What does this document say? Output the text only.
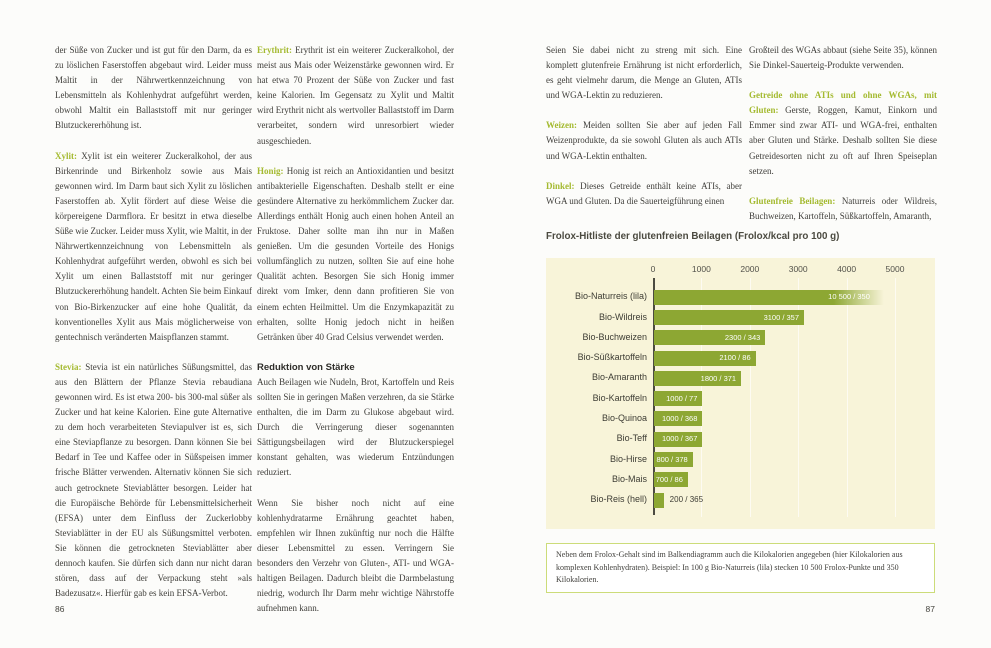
der Süße von Zucker und ist gut für den Darm, da es zu löslichen Faserstoffen abgebaut wird. Leider muss Maltit in der Nährwertkennzeichnung von Lebensmitteln als Kohlenhydrat aufgeführt werden, obwohl Maltit ein Ballaststoff mit nur geringer Blutzuckererhöhung ist.

Xylit: Xylit ist ein weiterer Zuckeralkohol, der aus Birkenrinde und Birkenholz sowie aus Mais gewonnen wird. Im Darm baut sich Xylit zu löslichen Faserstoffen ab. Xylit fördert auf diese Weise die körpereigene Darmflora. Er besitzt in etwa dieselbe Süße wie Zucker. Leider muss Xylit, wie Maltit, in der Nährwertkennzeichnung von Lebensmitteln als Kohlenhydrat aufgeführt werden, obwohl es sich bei Xylit um einen Ballaststoff mit nur geringer Blutzuckererhöhung handelt. Achten Sie beim Einkauf von Bio-Birkenzucker auf eine hohe Qualität, da konventionelles Xylit aus Mais möglicherweise von gentechnisch veränderten Maispflanzen stammt.

Stevia: Stevia ist ein natürliches Süßungsmittel, das aus den Blättern der Pflanze Stevia rebaudiana gewonnen wird. Es ist etwa 200- bis 300-mal süßer als Zucker und hat keine Kalorien. Eine gute Alternative zu dem hoch verarbeiteten Steviapulver ist es, sich eine Steviapflanze zu besorgen. Dann können Sie bei Bedarf in Tee und Kaffee oder in Süßspeisen immer frische Blätter verwenden. Alternativ können Sie sich auch getrocknete Steviablätter besorgen. Leider hat die Europäische Behörde für Lebensmittelsicherheit (EFSA) unter dem Einfluss der Zuckerlobby Steviablätter in der EU als Süßungsmittel verboten. Sie können die getrockneten Steviablätter aber dennoch kaufen. Sie dürfen sich dann nur nicht daran stören, dass auf der Verpackung steht »als Badezusatz«. Hierfür gab es kein EFSA-Verbot.

Erythrit: Erythrit ist ein weiterer Zuckeralkohol, der meist aus Mais oder Weizenstärke gewonnen wird. Er hat etwa 70 Prozent der Süße von Zucker und fast keine Kalorien. Im Gegensatz zu Xylit und Maltit wird Erythrit nicht als wertvoller Ballaststoff im Darm verarbeitet, sondern wird unresorbiert wieder ausgeschieden.

Honig: Honig ist reich an Antioxidantien und besitzt antibakterielle Eigenschaften. Deshalb stellt er eine gesündere Alternative zu herkömmlichem Zucker dar. Allerdings enthält Honig auch einen hohen Anteil an Fruktose. Daher sollte man ihn nur in Maßen genießen. Um die gesunden Vorteile des Honigs vollumfänglich zu nutzen, sollten Sie auf eine hohe Qualität achten. Besorgen Sie sich Honig immer direkt vom Imker, denn dann profitieren Sie von einem echten Heilmittel. Um die Enzymkapazität zu erhalten, sollte Honig jedoch nicht in heißen Getränken über 40 Grad Celsius verwendet werden.

Reduktion von Stärke

Auch Beilagen wie Nudeln, Brot, Kartoffeln und Reis sollten Sie in geringen Maßen verzehren, da sie Stärke enthalten, die im Darm zu Glukose abgebaut wird. Durch die Verringerung dieser sogenannten Sättigungsbeilagen wird der Blutzuckerspiegel konstant gehalten, was wiederum Entzündungen reduziert.

Wenn Sie bisher noch nicht auf eine kohlenhydratarme Ernährung geachtet haben, empfehlen wir Ihnen zukünftig nur noch die Hälfte dieser Lebensmittel zu essen. Verringern Sie besonders den Verzehr von Gluten-, ATI- und WGA-haltigen Beilagen. Dadurch bleibt die Darmbelastung niedrig, wodurch Ihr Darm mehr wichtige Nährstoffe aufnehmen kann.

86

Seien Sie dabei nicht zu streng mit sich. Eine komplett glutenfreie Ernährung ist nicht erforderlich, es geht vielmehr darum, die Menge an Gluten, ATIs und WGA-Lektin zu reduzieren.

Weizen: Meiden sollten Sie aber auf jeden Fall Weizenprodukte, da sie sowohl Gluten als auch ATIs und WGA-Lektin enthalten.

Dinkel: Dieses Getreide enthält keine ATIs, aber WGA und Gluten. Da die Sauerteigführung einen

Großteil des WGAs abbaut (siehe Seite 35), können Sie Dinkel-Sauerteig-Produkte verwenden.

Getreide ohne ATIs und ohne WGAs, mit Gluten: Gerste, Roggen, Kamut, Einkorn und Emmer sind zwar ATI- und WGA-frei, enthalten aber Gluten und Stärke. Deshalb sollten Sie diese Getreidesorten nicht zu oft auf Ihren Speiseplan setzen.

Glutenfreie Beilagen: Naturreis oder Wildreis, Buchweizen, Kartoffeln, Süßkartoffeln, Amaranth,

Frolox-Hitliste der glutenfreien Beilagen (Frolox/kcal pro 100 g)
0	1000	2000	3000	4000	5000
Bio-Naturreis (lila)	10 500 / 350
Bio-Wildreis	3100 / 357
Bio-Buchweizen	2300 / 343
Bio-Süßkartoffeln	2100 / 86
Bio-Amaranth	1800 / 371
Bio-Kartoffeln	1000 / 77
Bio-Quinoa	1000 / 368
Bio-Teff	1000 / 367
Bio-Hirse	800 / 378
Bio-Mais	700 / 86
Bio-Reis (hell)	200 / 365
Neben dem Frolox-Gehalt sind im Balkendiagramm auch die Kilokalorien angegeben (hier Kilokalorien aus komplexen Kohlenhydraten). Beispiel: In 100 g Bio-Naturreis (lila) stecken 10 500 Frolox-Punkte und 350 Kilokalorien.
87
